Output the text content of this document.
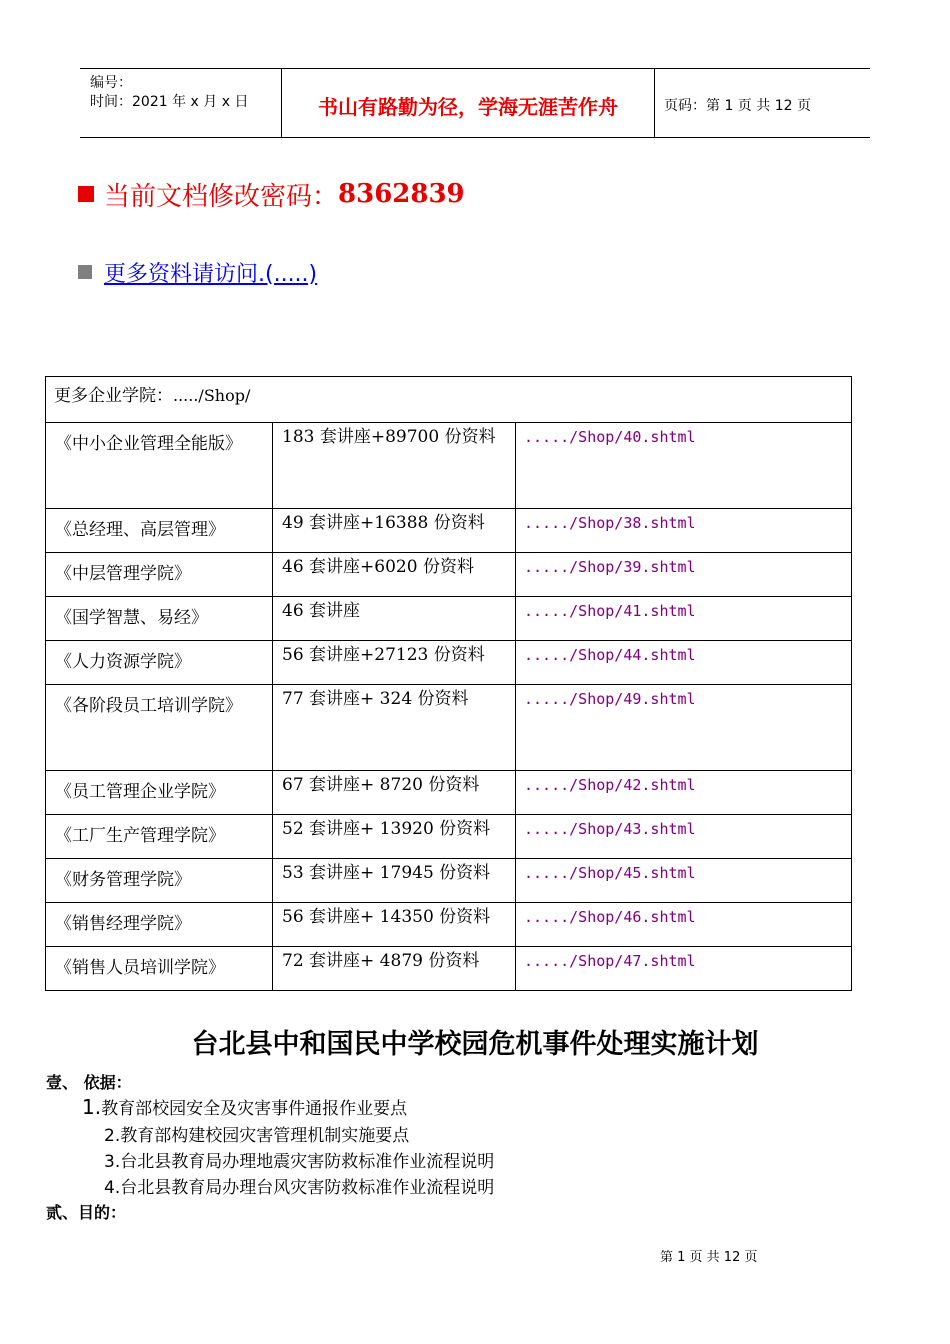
编号：
时间：2021 年 x 月 x 日	书山有路勤为径，学海无涯苦作舟	页码：第 1 页 共 12 页
当前文档修改密码： 8362839
更多资料请访问.(.....)
更多企业学院：...../Shop/		
《中小企业管理全能版》	183 套讲座+89700 份资料	...../Shop/40.shtml
《总经理、高层管理》	49 套讲座+16388 份资料	...../Shop/38.shtml
《中层管理学院》	46 套讲座+6020 份资料	...../Shop/39.shtml
《国学智慧、易经》	46 套讲座	...../Shop/41.shtml
《人力资源学院》	56 套讲座+27123 份资料	...../Shop/44.shtml
《各阶段员工培训学院》	77 套讲座+ 324 份资料	...../Shop/49.shtml
《员工管理企业学院》	67 套讲座+ 8720 份资料	...../Shop/42.shtml
《工厂生产管理学院》	52 套讲座+ 13920 份资料	...../Shop/43.shtml
《财务管理学院》	53 套讲座+ 17945 份资料	...../Shop/45.shtml
《销售经理学院》	56 套讲座+ 14350 份资料	...../Shop/46.shtml
《销售人员培训学院》	72 套讲座+ 4879 份资料	...../Shop/47.shtml
台北县中和国民中学校园危机事件处理实施计划
壹、 依据：
1.教育部校园安全及灾害事件通报作业要点
2.教育部构建校园灾害管理机制实施要点
3.台北县教育局办理地震灾害防救标准作业流程说明
4.台北县教育局办理台风灾害防救标准作业流程说明
贰、目的：
第 1 页 共 12 页
